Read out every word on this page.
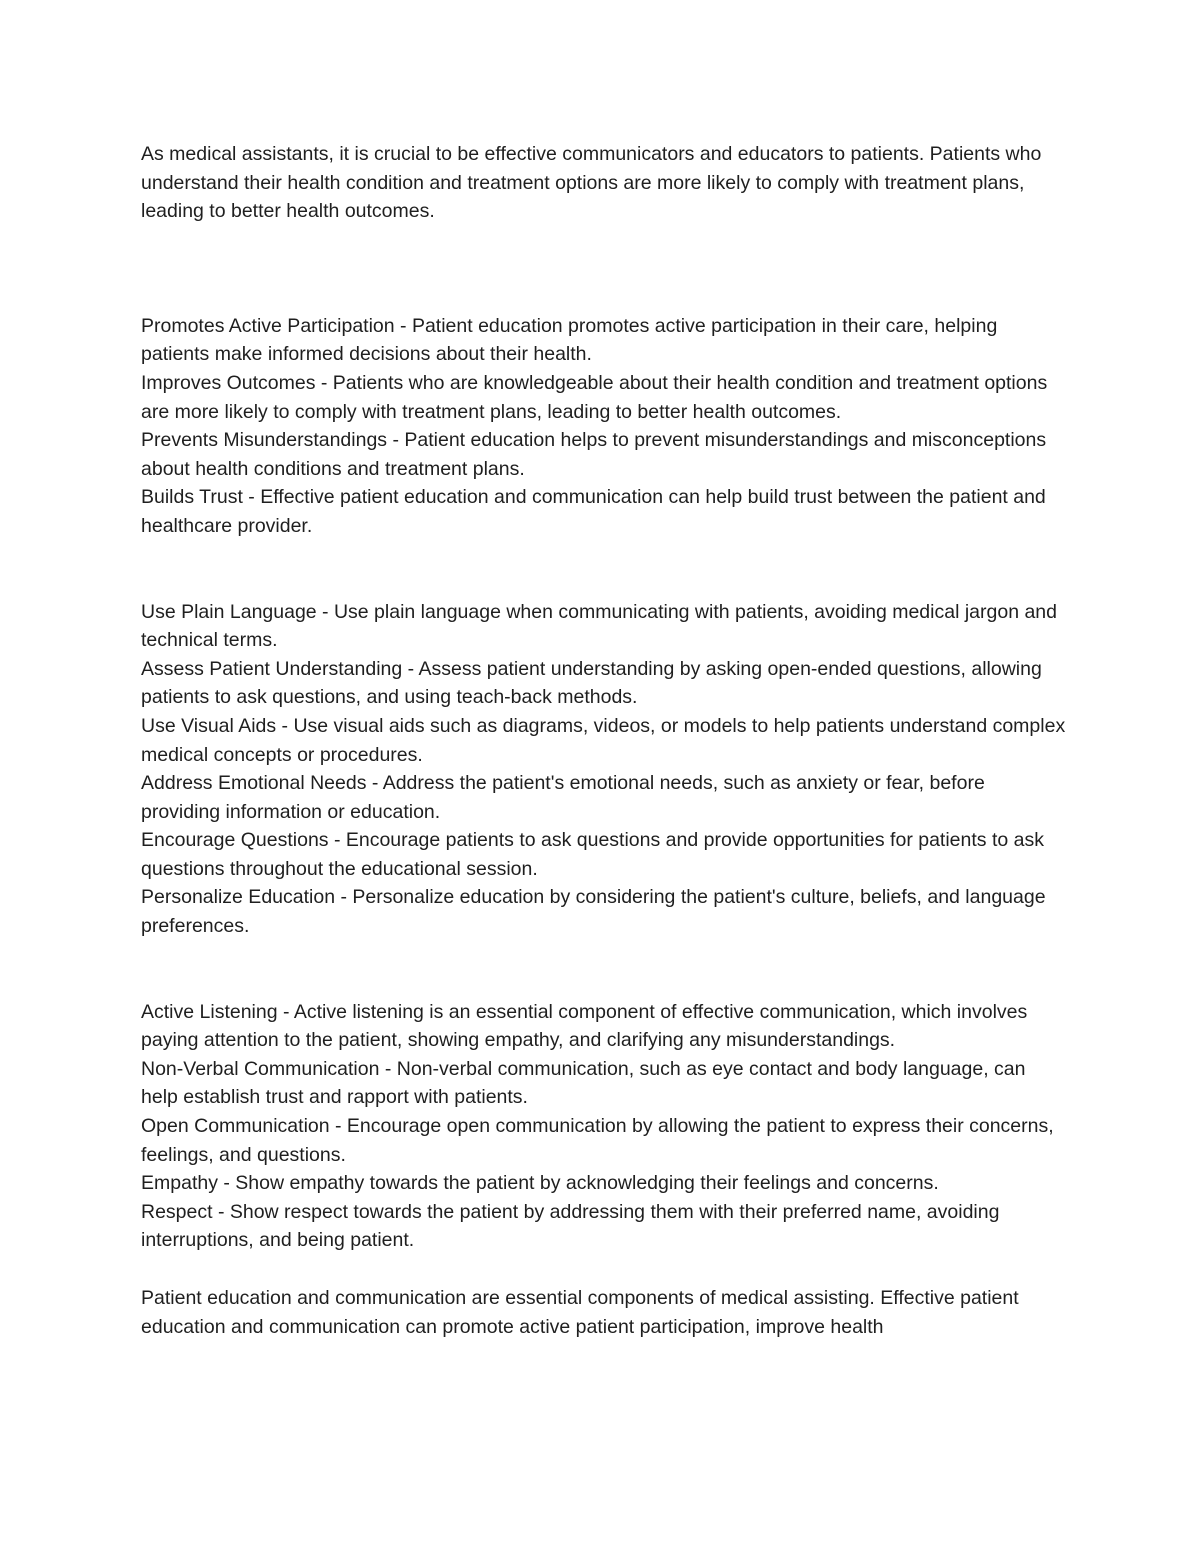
As medical assistants, it is crucial to be effective communicators and educators to patients. Patients who understand their health condition and treatment options are more likely to comply with treatment plans, leading to better health outcomes.

Promotes Active Participation - Patient education promotes active participation in their care, helping patients make informed decisions about their health.

Improves Outcomes - Patients who are knowledgeable about their health condition and treatment options are more likely to comply with treatment plans, leading to better health outcomes.

Prevents Misunderstandings - Patient education helps to prevent misunderstandings and misconceptions about health conditions and treatment plans.

Builds Trust - Effective patient education and communication can help build trust between the patient and healthcare provider.

Use Plain Language - Use plain language when communicating with patients, avoiding medical jargon and technical terms.

Assess Patient Understanding - Assess patient understanding by asking open-ended questions, allowing patients to ask questions, and using teach-back methods.

Use Visual Aids - Use visual aids such as diagrams, videos, or models to help patients understand complex medical concepts or procedures.

Address Emotional Needs - Address the patient's emotional needs, such as anxiety or fear, before providing information or education.

Encourage Questions - Encourage patients to ask questions and provide opportunities for patients to ask questions throughout the educational session.

Personalize Education - Personalize education by considering the patient's culture, beliefs, and language preferences.

Active Listening - Active listening is an essential component of effective communication, which involves paying attention to the patient, showing empathy, and clarifying any misunderstandings.

Non-Verbal Communication - Non-verbal communication, such as eye contact and body language, can help establish trust and rapport with patients.

Open Communication - Encourage open communication by allowing the patient to express their concerns, feelings, and questions.

Empathy - Show empathy towards the patient by acknowledging their feelings and concerns.

Respect - Show respect towards the patient by addressing them with their preferred name, avoiding interruptions, and being patient.

Patient education and communication are essential components of medical assisting. Effective patient education and communication can promote active patient participation, improve health
